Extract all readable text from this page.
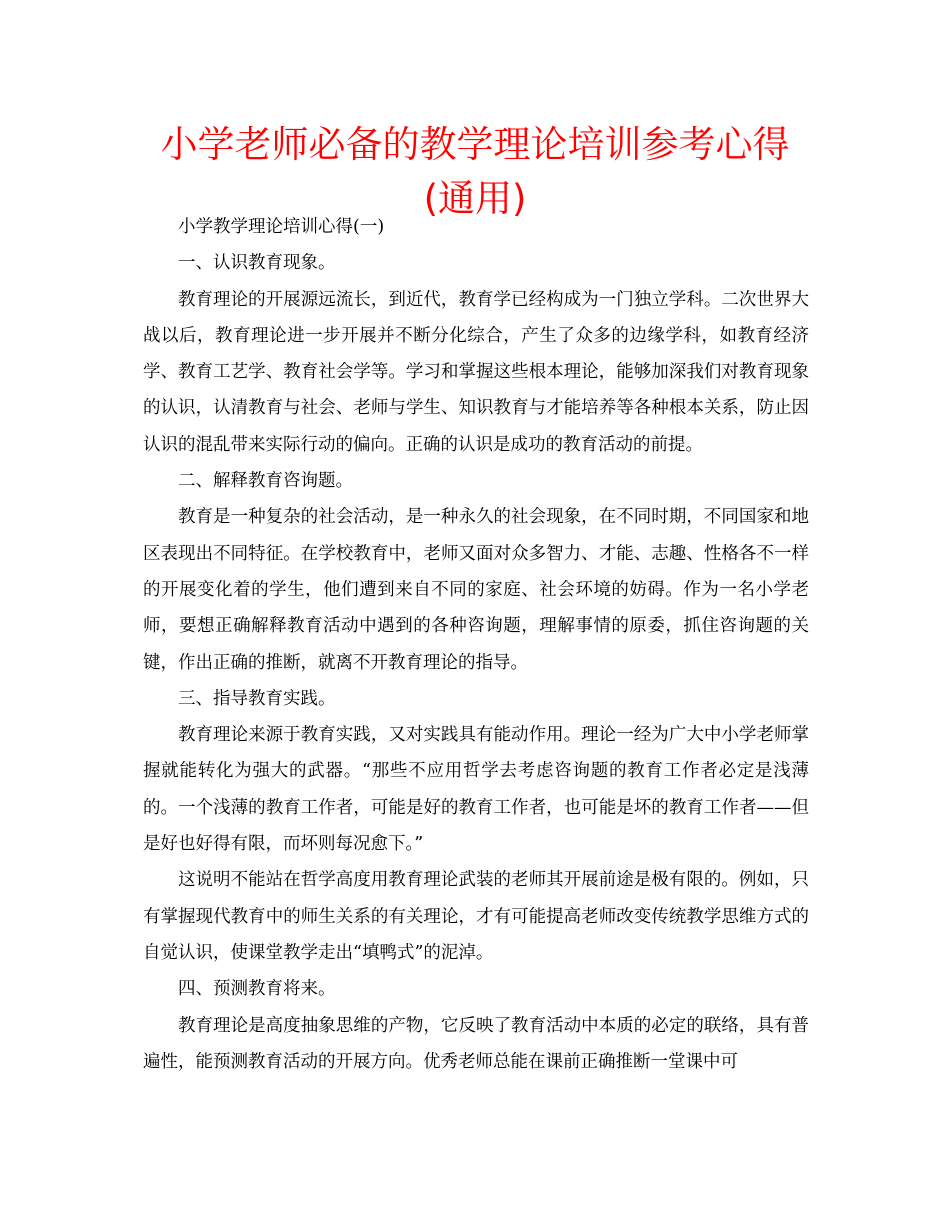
小学老师必备的教学理论培训参考心得
(通用)

小学教学理论培训心得(一)

一、认识教育现象。

教育理论的开展源远流长，到近代，教育学已经构成为一门独立学科。二次世界大战以后，教育理论进一步开展并不断分化综合，产生了众多的边缘学科，如教育经济学、教育工艺学、教育社会学等。学习和掌握这些根本理论，能够加深我们对教育现象的认识，认清教育与社会、老师与学生、知识教育与才能培养等各种根本关系，防止因认识的混乱带来实际行动的偏向。正确的认识是成功的教育活动的前提。

二、解释教育咨询题。

教育是一种复杂的社会活动，是一种永久的社会现象，在不同时期，不同国家和地区表现出不同特征。在学校教育中，老师又面对众多智力、才能、志趣、性格各不一样的开展变化着的学生，他们遭到来自不同的家庭、社会环境的妨碍。作为一名小学老师，要想正确解释教育活动中遇到的各种咨询题，理解事情的原委，抓住咨询题的关键，作出正确的推断，就离不开教育理论的指导。

三、指导教育实践。

教育理论来源于教育实践，又对实践具有能动作用。理论一经为广大中小学老师掌握就能转化为强大的武器。“那些不应用哲学去考虑咨询题的教育工作者必定是浅薄的。一个浅薄的教育工作者，可能是好的教育工作者，也可能是坏的教育工作者——但是好也好得有限，而坏则每况愈下。”

这说明不能站在哲学高度用教育理论武装的老师其开展前途是极有限的。例如，只有掌握现代教育中的师生关系的有关理论，才有可能提高老师改变传统教学思维方式的自觉认识，使课堂教学走出“填鸭式”的泥淖。

四、预测教育将来。

教育理论是高度抽象思维的产物，它反映了教育活动中本质的必定的联络，具有普遍性，能预测教育活动的开展方向。优秀老师总能在课前正确推断一堂课中可
